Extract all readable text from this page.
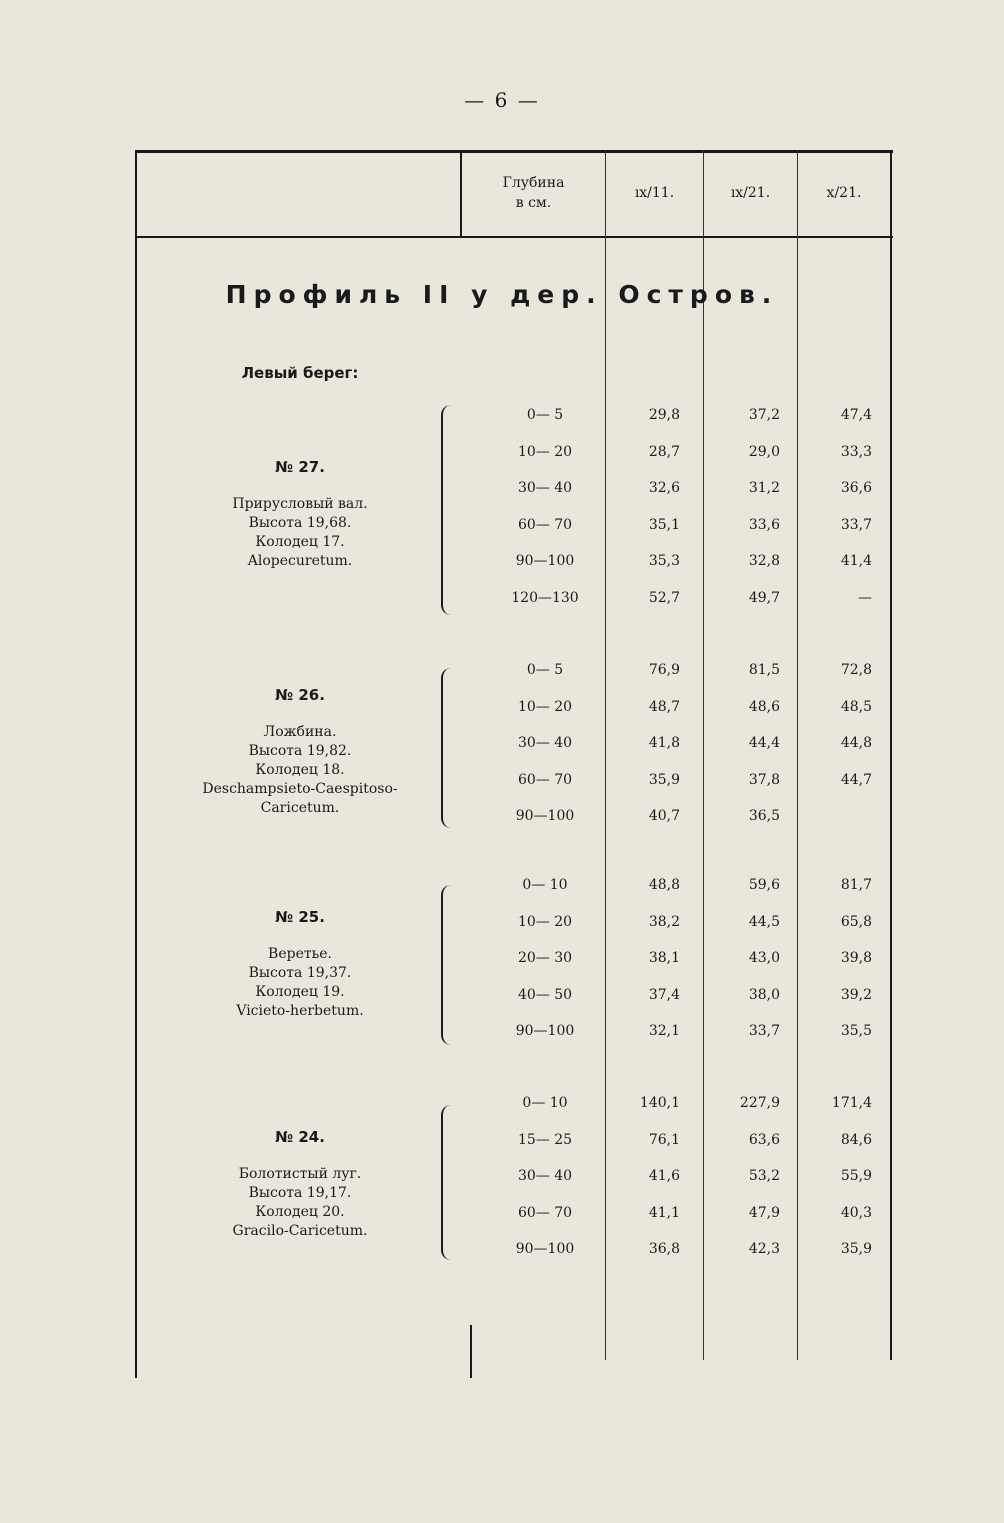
— 6 —
Глубина
в см.
ıx/11.	ıx/21.	x/21.
Профиль II у дер. Остров.
Левый берег:
№ 27.
Прирусловый вал.
Высота 19,68.
Колодец 17.
Alopecuretum.
№ 26.
Ложбина.
Высота 19,82.
Колодец 18.
Deschampsieto-Caespitoso-
Caricetum.
№ 25.
Веретье.
Высота 19,37.
Колодец 19.
Vicieto-herbetum.
№ 24.
Болотистый луг.
Высота 19,17.
Колодец 20.
Gracilo-Caricetum.
0— 5	29,8	37,2	47,4
10— 20	28,7	29,0	33,3
30— 40	32,6	31,2	36,6
60— 70	35,1	33,6	33,7
90—100	35,3	32,8	41,4
120—130	52,7	49,7	—
0— 5	76,9	81,5	72,8
10— 20	48,7	48,6	48,5
30— 40	41,8	44,4	44,8
60— 70	35,9	37,8	44,7
90—100	40,7	36,5
0— 10	48,8	59,6	81,7
10— 20	38,2	44,5	65,8
20— 30	38,1	43,0	39,8
40— 50	37,4	38,0	39,2
90—100	32,1	33,7	35,5
0— 10	140,1	227,9	171,4
15— 25	76,1	63,6	84,6
30— 40	41,6	53,2	55,9
60— 70	41,1	47,9	40,3
90—100	36,8	42,3	35,9
